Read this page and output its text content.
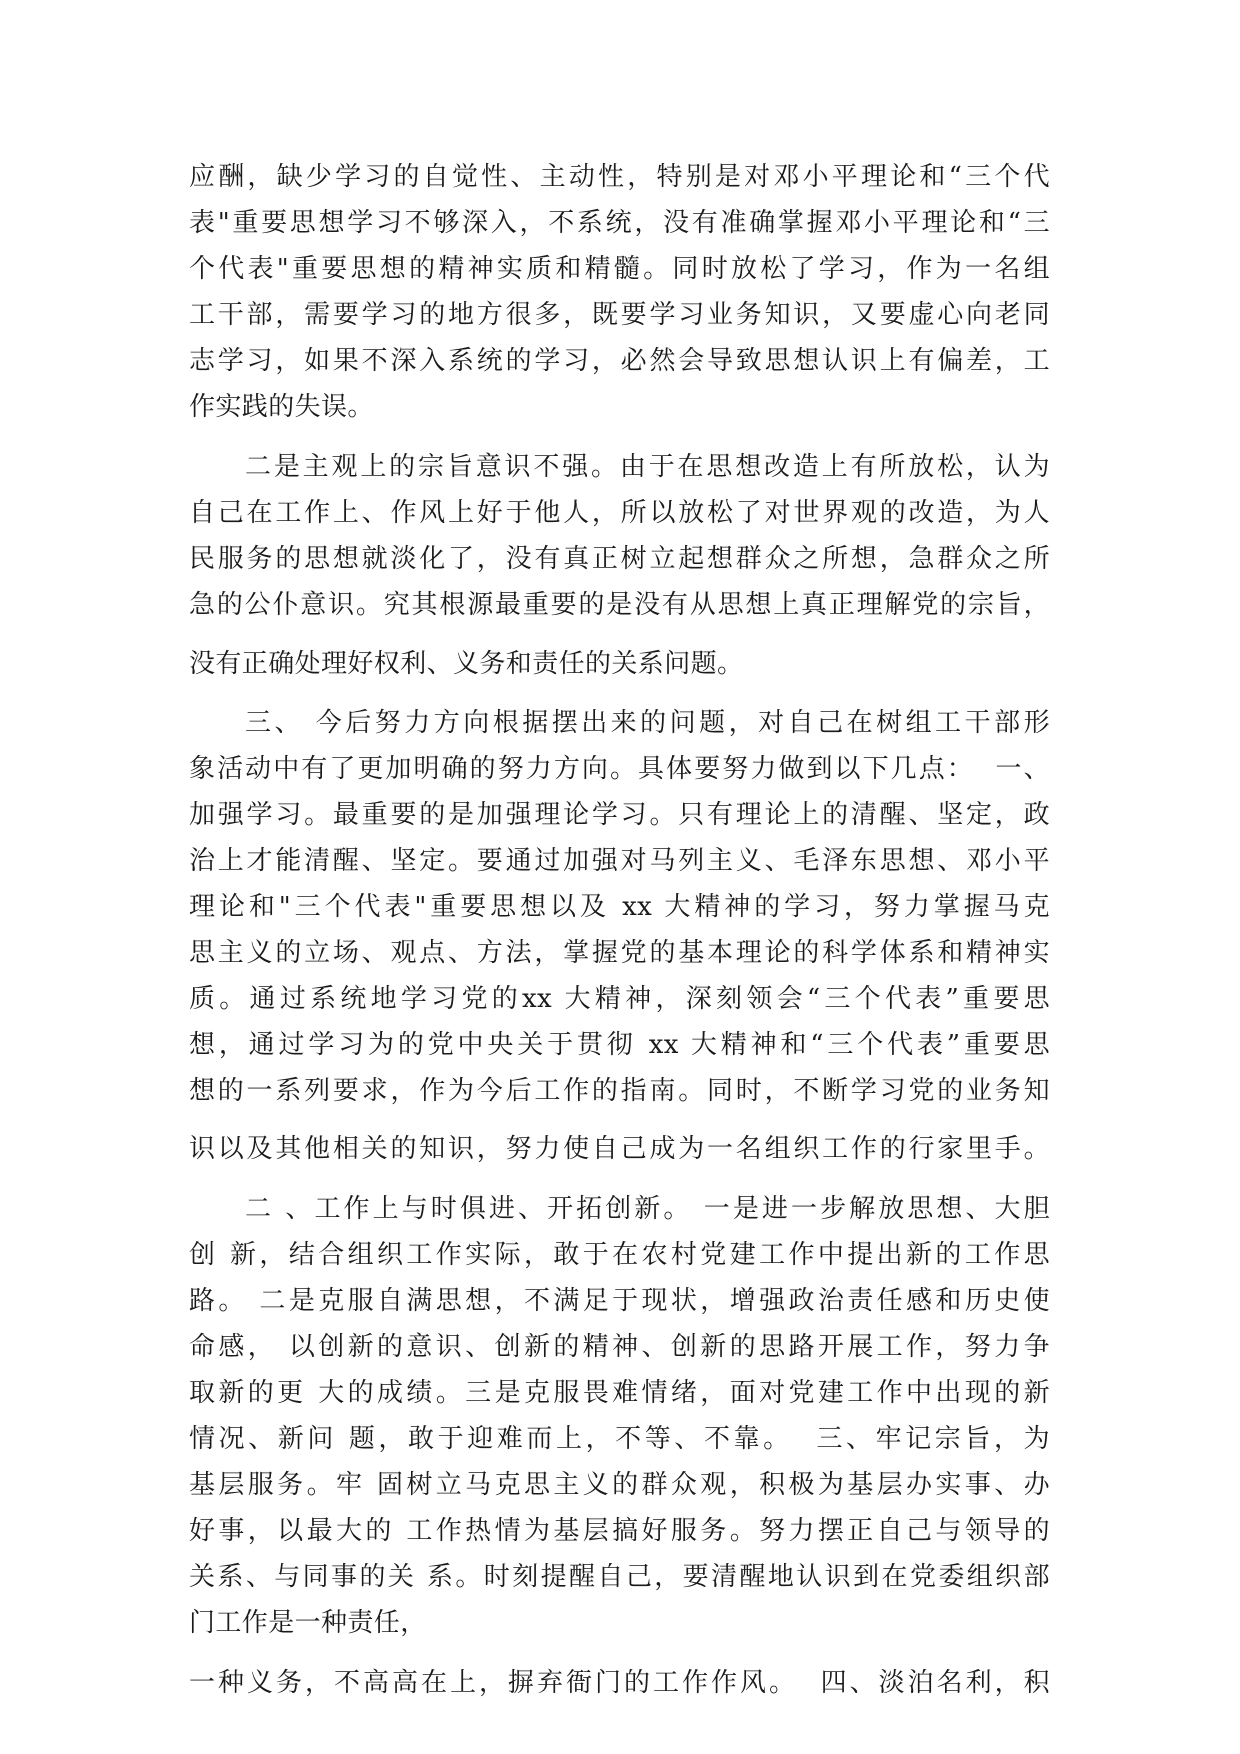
应酬，缺少学习的自觉性、主动性，特别是对邓小平理论和“三个代
表"重要思想学习不够深入，不系统，没有准确掌握邓小平理论和“三
个代表"重要思想的精神实质和精髓。同时放松了学习，作为一名组
工干部，需要学习的地方很多，既要学习业务知识，又要虚心向老同
志学习，如果不深入系统的学习，必然会导致思想认识上有偏差，工
作实践的失误。
二是主观上的宗旨意识不强。由于在思想改造上有所放松，认为
自己在工作上、作风上好于他人，所以放松了对世界观的改造，为人
民服务的思想就淡化了，没有真正树立起想群众之所想，急群众之所
急的公仆意识。究其根源最重要的是没有从思想上真正理解党的宗旨，
没有正确处理好权利、义务和责任的关系问题。
三、 今后努力方向根据摆出来的问题，对自己在树组工干部形
象活动中有了更加明确的努力方向。具体要努力做到以下几点：  一、
加强学习。最重要的是加强理论学习。只有理论上的清醒、坚定，政
治上才能清醒、坚定。要通过加强对马列主义、毛泽东思想、邓小平
理论和"三个代表"重要思想以及 xx 大精神的学习，努力掌握马克
思主义的立场、观点、方法，掌握党的基本理论的科学体系和精神实
质。通过系统地学习党的xx 大精神，深刻领会“三个代表”重要思
想，通过学习为的党中央关于贯彻 xx 大精神和“三个代表”重要思
想的一系列要求，作为今后工作的指南。同时，不断学习党的业务知
识以及其他相关的知识，努力使自己成为一名组织工作的行家里手。
二 、工作上与时俱进、开拓创新。 一是进一步解放思想、大胆
创 新，结合组织工作实际，敢于在农村党建工作中提出新的工作思
路。 二是克服自满思想，不满足于现状，增强政治责任感和历史使
命感， 以创新的意识、创新的精神、创新的思路开展工作，努力争
取新的更 大的成绩。三是克服畏难情绪，面对党建工作中出现的新
情况、新问 题，敢于迎难而上，不等、不靠。  三、牢记宗旨，为
基层服务。牢 固树立马克思主义的群众观，积极为基层办实事、办
好事，以最大的 工作热情为基层搞好服务。努力摆正自己与领导的
关系、与同事的关 系。时刻提醒自己，要清醒地认识到在党委组织部
门工作是一种责任，
一种义务，不高高在上，摒弃衙门的工作作风。  四、淡泊名利，积
